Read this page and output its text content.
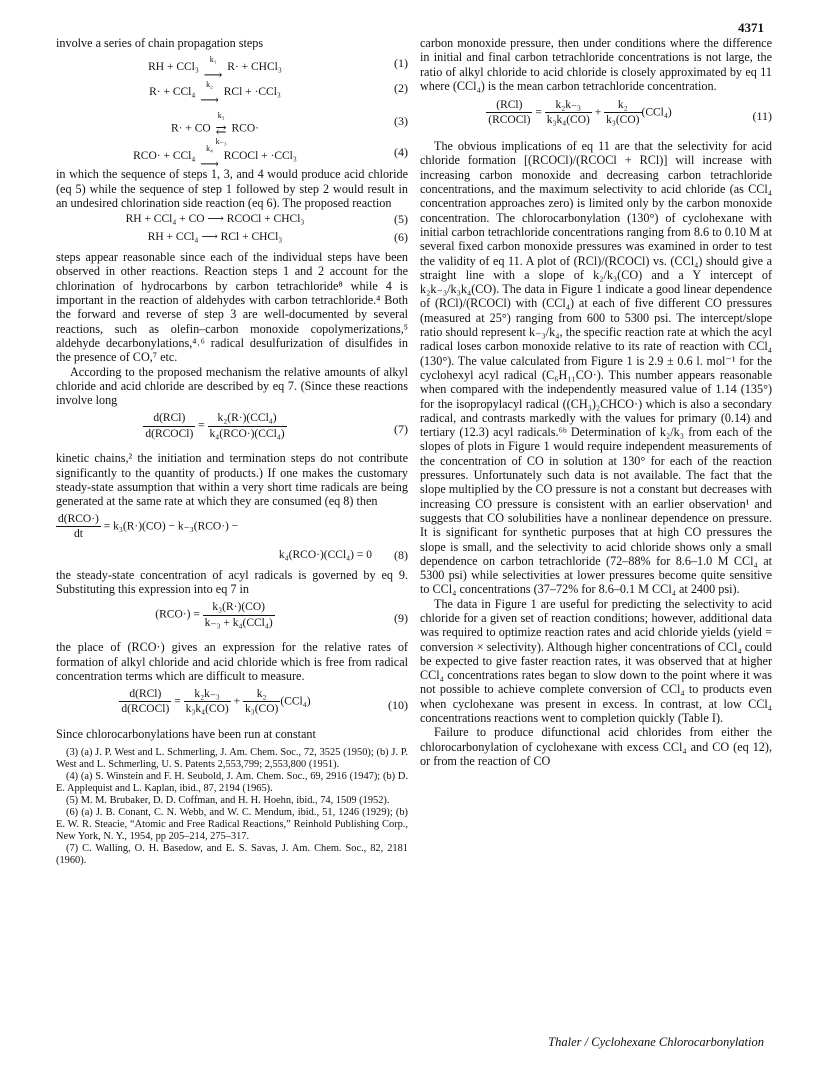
4371

involve a series of chain propagation steps

RH + CCl₃
k₁
⟶ R· + CHCl₃	(1)
R· + CCl₄
k₂
⟶ RCl + ·CCl₃	(2)
R· + CO
k₃
⇄
k₋₃
RCO·
(3)
RCO· + CCl₄
k₄
⟶ RCOCl + ·CCl₃	(4)

in which the sequence of steps 1, 3, and 4 would produce acid chloride (eq 5) while the sequence of step 1 followed by step 2 would result in an undesired chlorination side reaction (eq 6). The proposed reaction

RH + CCl₄ + CO ⟶ RCOCl + CHCl₃	(5)
RH + CCl₄ ⟶ RCl + CHCl₃	(6)

steps appear reasonable since each of the individual steps have been observed in other reactions. Reaction steps 1 and 2 account for the chlorination of hydrocarbons by carbon tetrachloride⁸ while 4 is important in the reaction of aldehydes with carbon tetrachloride.⁴ Both the forward and reverse of step 3 are well-documented by several reactions, such as olefin–carbon monoxide copolymerizations,⁵ aldehyde decarbonylations,⁴˒⁶ radical desulfurization of disulfides in the presence of CO,⁷ etc.

According to the proposed mechanism the relative amounts of alkyl chloride and acid chloride are described by eq 7. (Since these reactions involve long

$\frac{\text{d(RCl)}}{\text{d(RCOCl)}} = \frac{\text{k₂(R·)(CCl₄)}}{\text{k₄(RCO·)(CCl₄)}}$	(7)

kinetic chains,² the initiation and termination steps do not contribute significantly to the quantity of products.) If one makes the customary steady-state assumption that within a very short time radicals are being generated at the same rate at which they are consumed (eq 8) then

$\frac{\text{d(RCO·)}}{dt} = k_3(R\cdot)(CO) - k_{-3}(RCO\cdot)$ −
k₄(RCO·)(CCl₄) = 0 (8)

the steady-state concentration of acyl radicals is governed by eq 9. Substituting this expression into eq 7 in

$(RCO\cdot) = \frac{\text{k₃(R·)(CO)}}{\text{k₋₃ + k₄(CCl₄)}}$	(9)

the place of (RCO·) gives an expression for the relative rates of formation of alkyl chloride and acid chloride which is free from radical concentration terms which are difficult to measure.

$\frac{\text{d(RCl)}}{\text{d(RCOCl)}} = \frac{\text{k₂k₋₃}}{\text{k₃k₄(CO)}} + \frac{\text{k₂}}{\text{k₃(CO)}} (CCl_4)$	(10)

Since chlorocarbonylations have been run at constant

(3) (a) J. P. West and L. Schmerling, J. Am. Chem. Soc., 72, 3525 (1950); (b) J. P. West and L. Schmerling, U. S. Patents 2,553,799; 2,553,800 (1951).
(4) (a) S. Winstein and F. H. Seubold, J. Am. Chem. Soc., 69, 2916 (1947); (b) D. E. Applequist and L. Kaplan, ibid., 87, 2194 (1965).
(5) M. M. Brubaker, D. D. Coffman, and H. H. Hoehn, ibid., 74, 1509 (1952).
(6) (a) J. B. Conant, C. N. Webb, and W. C. Mendum, ibid., 51, 1246 (1929); (b) E. W. R. Steacie, “Atomic and Free Radical Reactions,” Reinhold Publishing Corp., New York, N. Y., 1954, pp 205–214, 275–317.
(7) C. Walling, O. H. Basedow, and E. S. Savas, J. Am. Chem. Soc., 82, 2181 (1960).

carbon monoxide pressure, then under conditions where the difference in initial and final carbon tetrachloride concentrations is not large, the ratio of alkyl chloride to acid chloride is closely approximated by eq 11 where (CCl₄) is the mean carbon tetrachloride concentration.

$\frac{\text{(RCl)}}{\text{(RCOCl)}} = \frac{\text{k₂k₋₃}}{\text{k₃k₄(CO)}} + \frac{\text{k₂}}{\text{k₃(CO)}} (CCl_4)$	(11)

The obvious implications of eq 11 are that the selectivity for acid chloride formation [(RCOCl)/(RCOCl + RCl)] will increase with increasing carbon monoxide and decreasing carbon tetrachloride concentrations, and the maximum selectivity to acid chloride (as CCl₄ concentration approaches zero) is limited only by the carbon monoxide concentration. The chlorocarbonylation (130°) of cyclohexane with initial carbon tetrachloride concentrations ranging from 8.6 to 0.10 M at several fixed carbon monoxide pressures was examined in order to test the validity of eq 11. A plot of (RCl)/(RCOCl) vs. (CCl₄) should give a straight line with a slope of k₂/k₃(CO) and a Y intercept of k₂k₋₃/k₃k₄(CO). The data in Figure 1 indicate a good linear dependence of (RCl)/(RCOCl) with (CCl₄) at each of five different CO pressures (measured at 25°) ranging from 600 to 5300 psi. The intercept/slope ratio should represent k₋₃/k₄, the specific reaction rate at which the acyl radical loses carbon monoxide relative to its rate of reaction with CCl₄ (130°). The value calculated from Figure 1 is 2.9 ± 0.6 l. mol⁻¹ for the cyclohexyl acyl radical (C₆H₁₁CO·). This number appears reasonable when compared with the independently measured value of 1.14 (135°) for the isopropylacyl radical ((CH₃)₂CHCO·) which is also a secondary radical, and contrasts markedly with the values for primary (0.14) and tertiary (12.3) acyl radicals.⁶ᵇ Determination of k₂/k₃ from each of the slopes of plots in Figure 1 would require independent measurements of the concentration of CO in solution at 130° for each of the reaction pressures. Unfortunately such data is not available. The fact that the slope multiplied by the CO pressure is not a constant but decreases with increasing CO pressure is consistent with an earlier observation¹ and suggests that CO solubilities have a nonlinear dependence on pressure. It is significant for synthetic purposes that at high CO pressures the slope is small, and the selectivity to acid chloride shows only a small dependence on carbon tetrachloride (72–88% for 8.6–1.0 M CCl₄ at 5300 psi) while selectivities at lower pressures become quite sensitive to CCl₄ concentrations (37–72% for 8.6–0.1 M CCl₄ at 2400 psi).

The data in Figure 1 are useful for predicting the selectivity to acid chloride for a given set of reaction conditions; however, additional data was required to optimize reaction rates and acid chloride yields (yield = conversion × selectivity). Although higher concentrations of CCl₄ could be expected to give faster reaction rates, it was observed that at higher CCl₄ concentrations rates began to slow down to the point where it was not possible to achieve complete conversion of CCl₄ to products even when cyclohexane was present in excess. In contrast, at low CCl₄ concentrations reactions went to completion quickly (Table I).

Failure to produce difunctional acid chlorides from either the chlorocarbonylation of cyclohexane with excess CCl₄ and CO (eq 12), or from the reaction of CO

Thaler / Cyclohexane Chlorocarbonylation
